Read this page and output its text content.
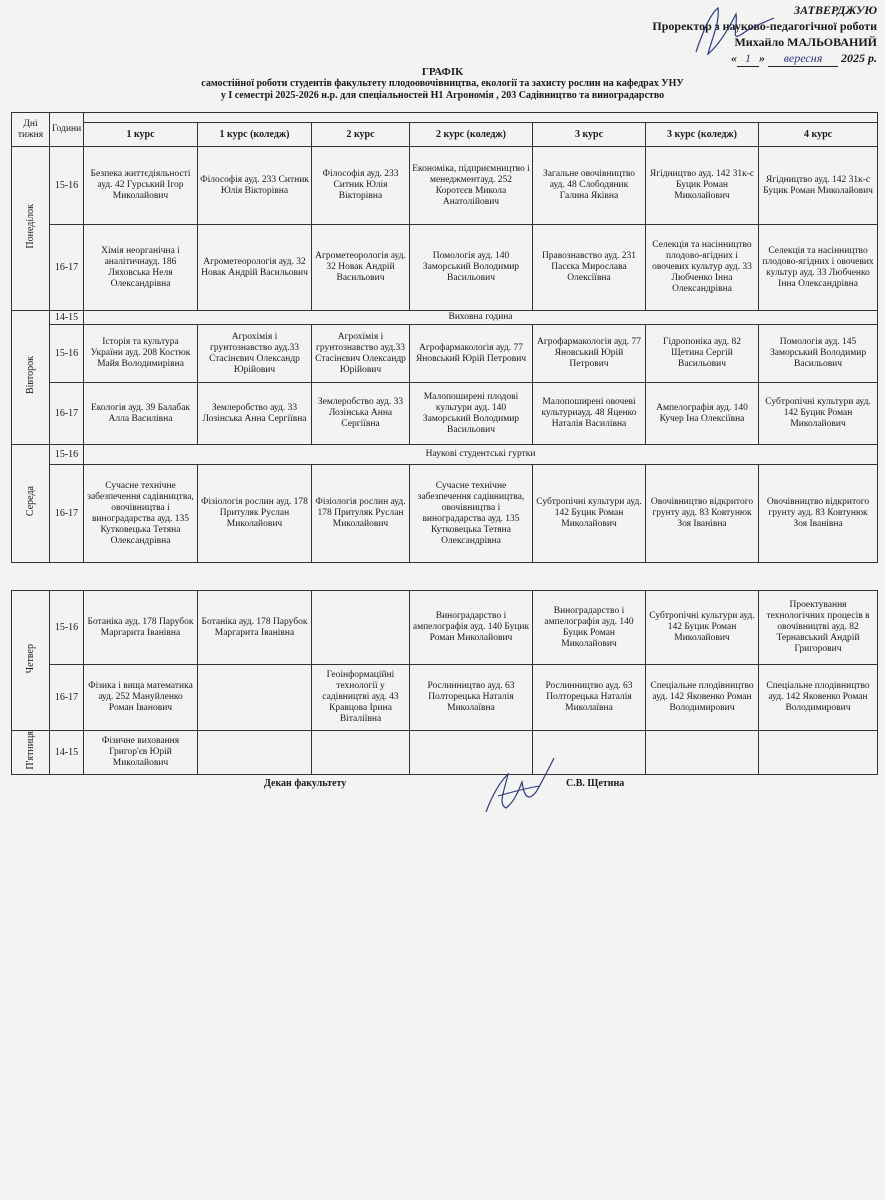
ЗАТВЕРДЖУЮ
Проректор з науково-педагогічної роботи
Михайло МАЛЬОВАНИЙ
« 1 » вересня 2025 р.
ГРАФІК
самостійної роботи студентів факультету плодоовочівництва, екології та захисту рослин на кафедрах УНУ
у I семестрі 2025-2026 н.р. для спеціальностей Н1 Агрономія , 203 Садівництво та виноградарство
Дні тижня	Години							
		1 курс	1 курс (коледж)	2 курс	2 курс (коледж)	3 курс	3 курс (коледж)	4 курс
Понеділок	15-16	Безпека життєдіяльності ауд. 42 Гурський Ігор Миколайович	Філософія ауд. 233 Ситник Юлія Вікторівна	Філософія ауд. 233 Ситник Юлія Вікторівна	Економіка, підприємництво і менеджментауд. 252 Коротєєв Микола Анатолійович	Загальне овочівництво ауд. 48 Слободяник Галина Яківна	Ягідництво ауд. 142 31к-с Буцик Роман Миколайович	Ягідництво ауд. 142 31к-с Буцик Роман Миколайович
	16-17	Хімія неорганічна і аналітичнауд. 186 Ляховська Неля Олександрівна	Агрометеорологія ауд. 32 Новак Андрій Васильович	Агрометеорологія ауд. 32 Новак Андрій Васильович	Помологія ауд. 140 Заморський Володимир Васильович	Правознавство ауд. 231 Пасєка Мирослава Олексіївна	Селекція та насінництво плодово-ягідних і овочевих культур ауд. 33 Любченко Інна Олександрівна	Селекція та насінництво плодово-ягідних і овочевих культур ауд. 33 Любченко Інна Олександрівна
Вівторок	14-15	Виховна година						
	15-16	Історія та культура України ауд. 208 Костюк Майя Володимирівна	Агрохімія і грунтознавство ауд.33 Стасінєвич Олександр Юрійович	Агрохімія і грунтознавство ауд.33 Стасінєвич Олександр Юрійович	Агрофармакологія ауд. 77 Яновський Юрій Петрович	Агрофармакологія ауд. 77 Яновський Юрій Петрович	Гідропоніка ауд. 82 Щетина Сергій Васильович	Помологія ауд. 145 Заморський Володимир Васильович
	16-17	Екологія ауд. 39 Балабак Алла Василівна	Землеробство ауд. 33 Лозінська Анна Сергіївна	Землеробство ауд. 33 Лозінська Анна Сергіївна	Малопоширені плодові культури ауд. 140 Заморський Володимир Васильович	Малопоширені овочеві культуриауд. 48 Яценко Наталія Василівна	Ампелографія ауд. 140 Кучер Іна Олексіївна	Субтропічні культури ауд. 142 Буцик Роман Миколайович
Середа	15-16	Наукові студентські гуртки						
	16-17	Сучасне технічне забезпечення садівництва, овочівництва і виноградарства ауд. 135 Кутковецька Тетяна Олександрівна	Фізіологія рослин ауд. 178 Притуляк Руслан Миколайович	Фізіологія рослин ауд. 178 Притуляк Руслан Миколайович	Сучасне технічне забезпечення садівництва, овочівництва і виноградарства ауд. 135 Кутковецька Тетяна Олександрівна	Субтропічні культури ауд. 142 Буцик Роман Миколайович	Овочівництво відкритого грунту ауд. 83 Ковтунюк Зоя Іванівна	Овочівництво відкритого грунту ауд. 83 Ковтунюк Зоя Іванівна
Четвер	15-16	Ботаніка ауд. 178 Парубок Маргарита Іванівна	Ботаніка ауд. 178 Парубок Маргарита Іванівна		Виноградарство і ампелографія ауд. 140 Буцик Роман Миколайович	Виноградарство і ампелографія ауд. 140 Буцик Роман Миколайович	Субтропічні культури ауд. 142 Буцик Роман Миколайович	Проектування технологічних процесів в овочівництві ауд. 82 Тернавський Андрій Григорович
	16-17	Фізика і вища математика ауд. 252 Мануйленко Роман Іванович		Геоінформаційні технології у садівництві ауд. 43 Кравцова Ірина Віталіївна	Рослинництво ауд. 63 Полторецька Наталія Миколаївна	Рослинництво ауд. 63 Полторецька Наталія Миколаївна	Спеціальне плодівництво ауд. 142 Яковенко Роман Володимирович	Спеціальне плодівництво ауд. 142 Яковенко Роман Володимирович
П'ятниця	14-15	Фізичне виховання Григор'єв Юрій Миколайович						
Декан факультету	С.В. Щетина
